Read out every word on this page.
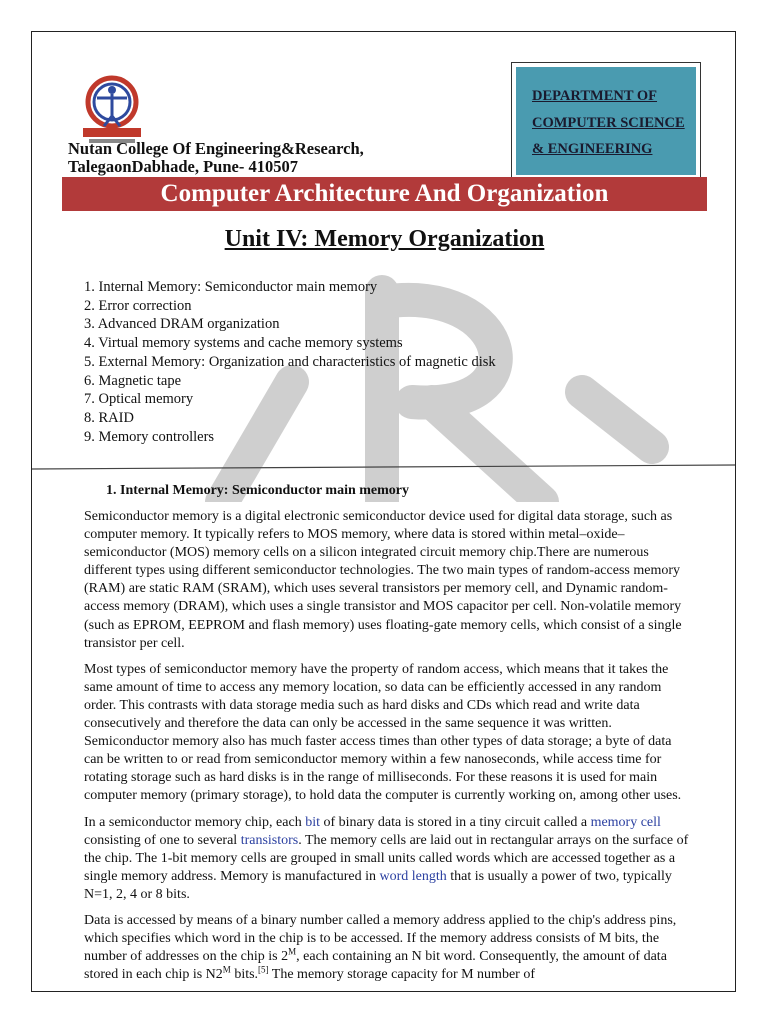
Nutan College Of Engineering&Research,
TalegaonDabhade, Pune- 410507
DEPARTMENT OF
COMPUTER SCIENCE
& ENGINEERING
Computer Architecture And Organization
Unit IV: Memory Organization
1. Internal Memory: Semiconductor main memory
2. Error correction
3. Advanced DRAM organization
4. Virtual memory systems and cache memory systems
5. External Memory: Organization and characteristics of magnetic disk
6. Magnetic tape
7. Optical memory
8. RAID
9. Memory controllers
1. Internal Memory: Semiconductor main memory

Semiconductor memory is a digital electronic semiconductor device used for digital data storage, such as computer memory. It typically refers to MOS memory, where data is stored within metal–oxide–semiconductor (MOS) memory cells on a silicon integrated circuit memory chip.There are numerous different types using different semiconductor technologies. The two main types of random-access memory (RAM) are static RAM (SRAM), which uses several transistors per memory cell, and Dynamic random-access memory (DRAM), which uses a single transistor and MOS capacitor per cell. Non-volatile memory (such as EPROM, EEPROM and flash memory) uses floating-gate memory cells, which consist of a single transistor per cell.

Most types of semiconductor memory have the property of random access, which means that it takes the same amount of time to access any memory location, so data can be efficiently accessed in any random order. This contrasts with data storage media such as hard disks and CDs which read and write data consecutively and therefore the data can only be accessed in the same sequence it was written. Semiconductor memory also has much faster access times than other types of data storage; a byte of data can be written to or read from semiconductor memory within a few nanoseconds, while access time for rotating storage such as hard disks is in the range of milliseconds. For these reasons it is used for main computer memory (primary storage), to hold data the computer is currently working on, among other uses.

In a semiconductor memory chip, each bit of binary data is stored in a tiny circuit called a memory cell consisting of one to several transistors. The memory cells are laid out in rectangular arrays on the surface of the chip. The 1-bit memory cells are grouped in small units called words which are accessed together as a single memory address. Memory is manufactured in word length that is usually a power of two, typically N=1, 2, 4 or 8 bits.

Data is accessed by means of a binary number called a memory address applied to the chip's address pins, which specifies which word in the chip is to be accessed. If the memory address consists of M bits, the number of addresses on the chip is $2^M$, each containing an N bit word. Consequently, the amount of data stored in each chip is $N2^M$ bits.[5] The memory storage capacity for M number of
